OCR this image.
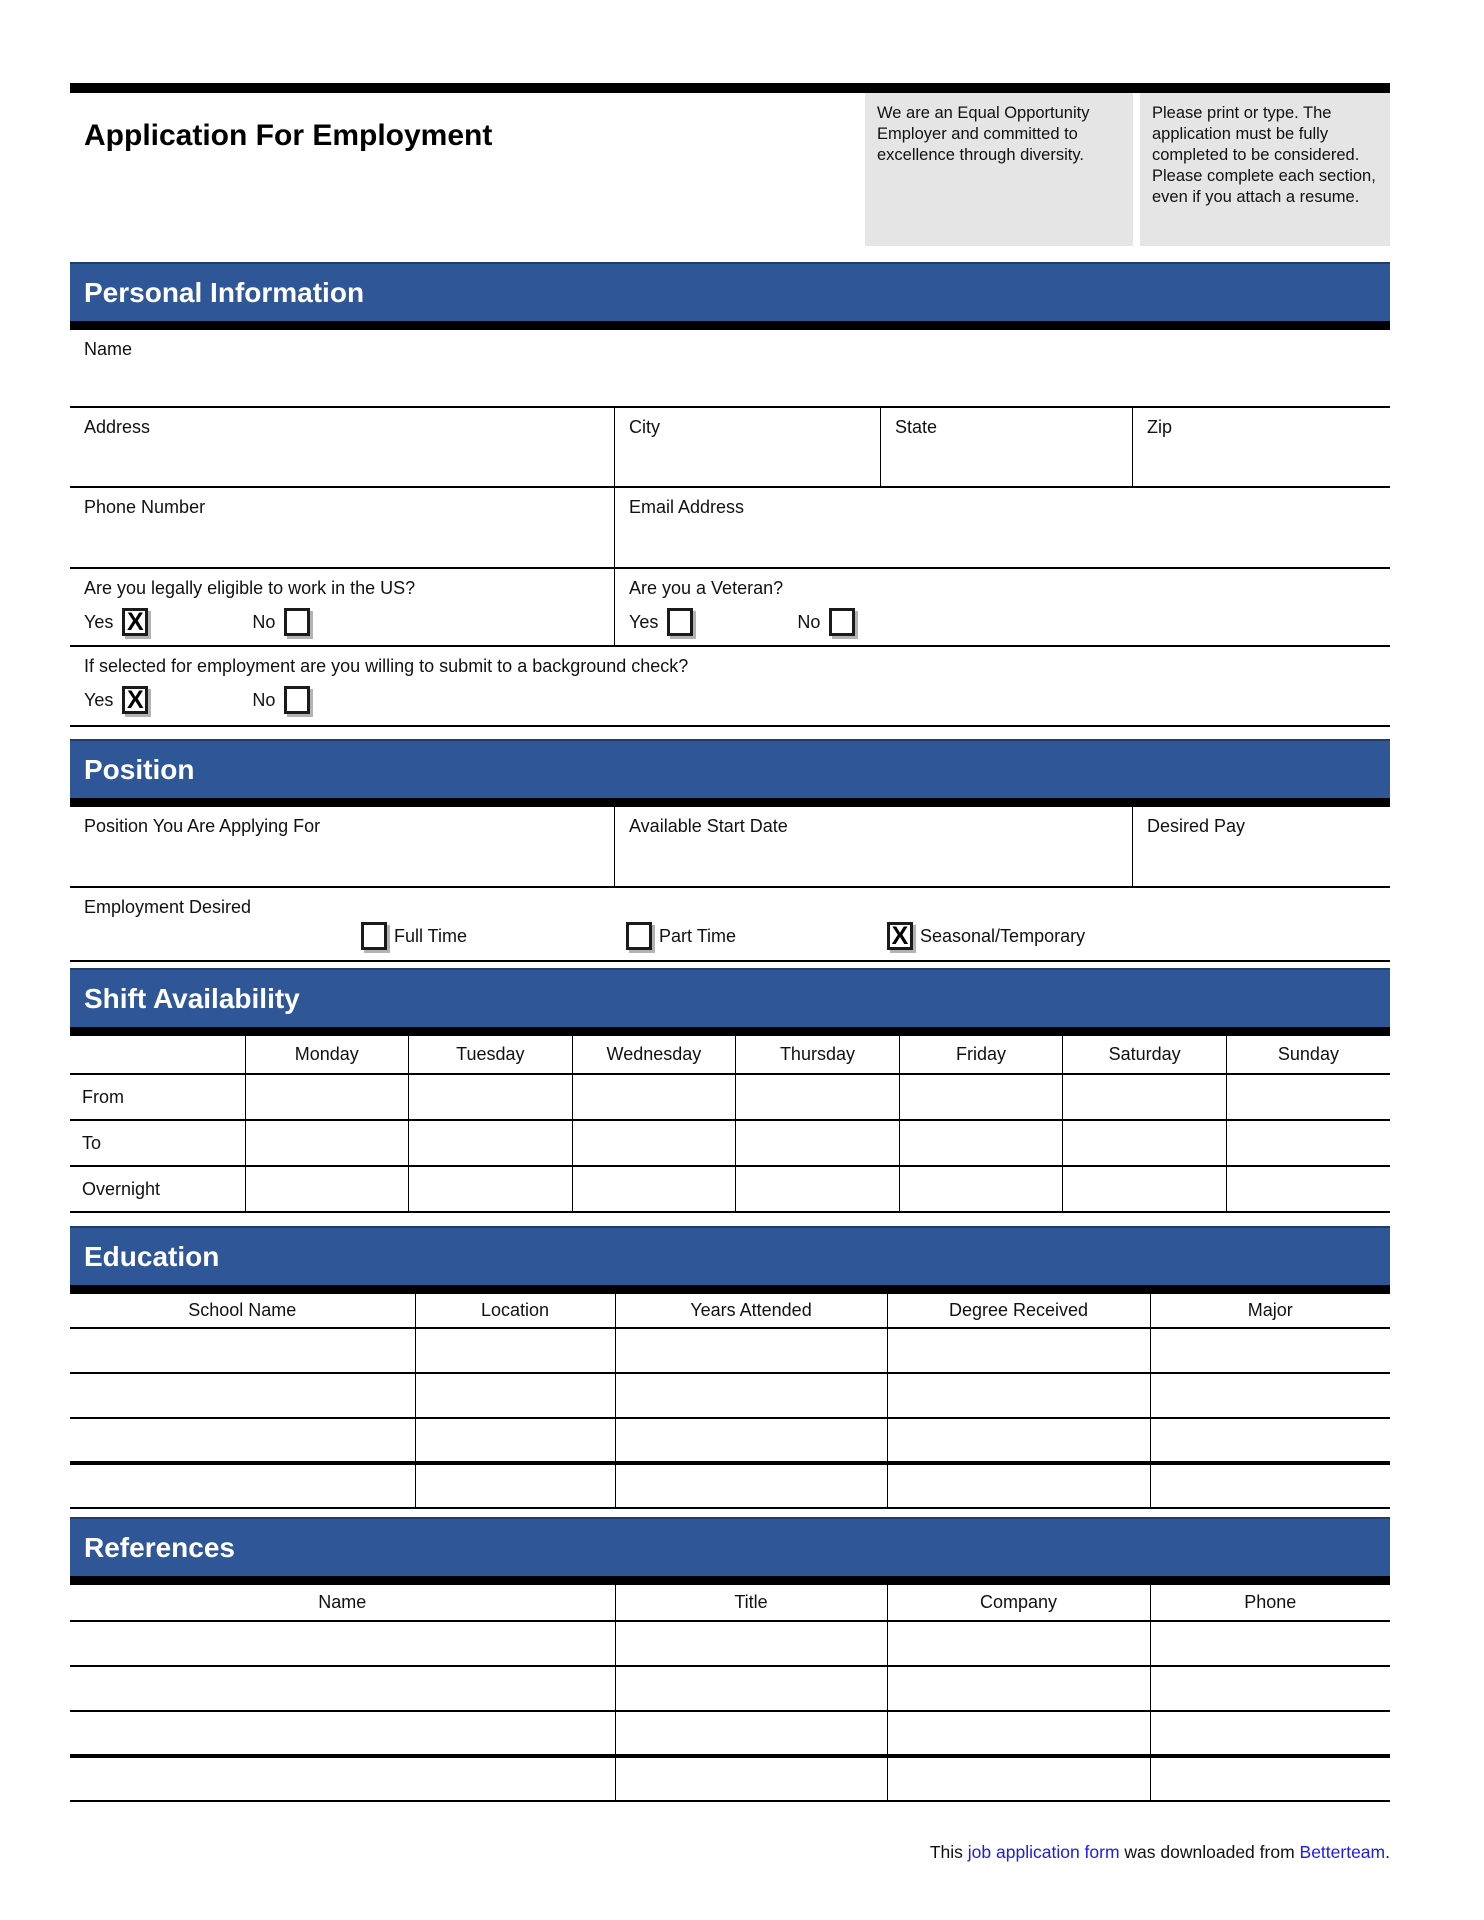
Application For Employment
We are an Equal Opportunity Employer and committed to excellence through diversity.
Please print or type. The application must be fully completed to be considered. Please complete each section, even if you attach a resume.
Personal Information
Name
Address	City	State	Zip
Phone Number	Email Address
Are you legally eligible to work in the US?
Yes X	No
Are you a Veteran?
Yes	No
If selected for employment are you willing to submit to a background check?
Yes X	No
Position
Position You Are Applying For	Available Start Date	Desired Pay
Employment Desired
Full Time	Part Time	X Seasonal/Temporary
Shift Availability
	Monday	Tuesday	Wednesday	Thursday	Friday	Saturday	Sunday
From							
To							
Overnight							
Education
School Name	Location	Years Attended	Degree Received	Major

References
Name	Title	Company	Phone

This job application form was downloaded from Betterteam.
